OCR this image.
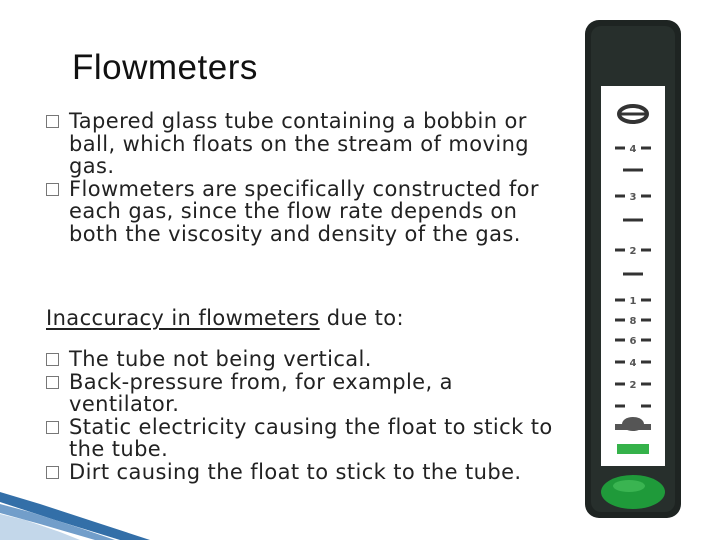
Flowmeters
Tapered glass tube containing a bobbin or ball, which floats on the stream of moving gas.
Flowmeters are specifically constructed for each gas, since the flow rate depends on both the viscosity and density of the gas.
Inaccuracy in flowmeters due to:
The tube not being vertical.
Back-pressure from, for example, a ventilator.
Static electricity causing the float to stick to the tube.
Dirt causing the float to stick to the tube.
4
3
2
1
8
6
4
2
